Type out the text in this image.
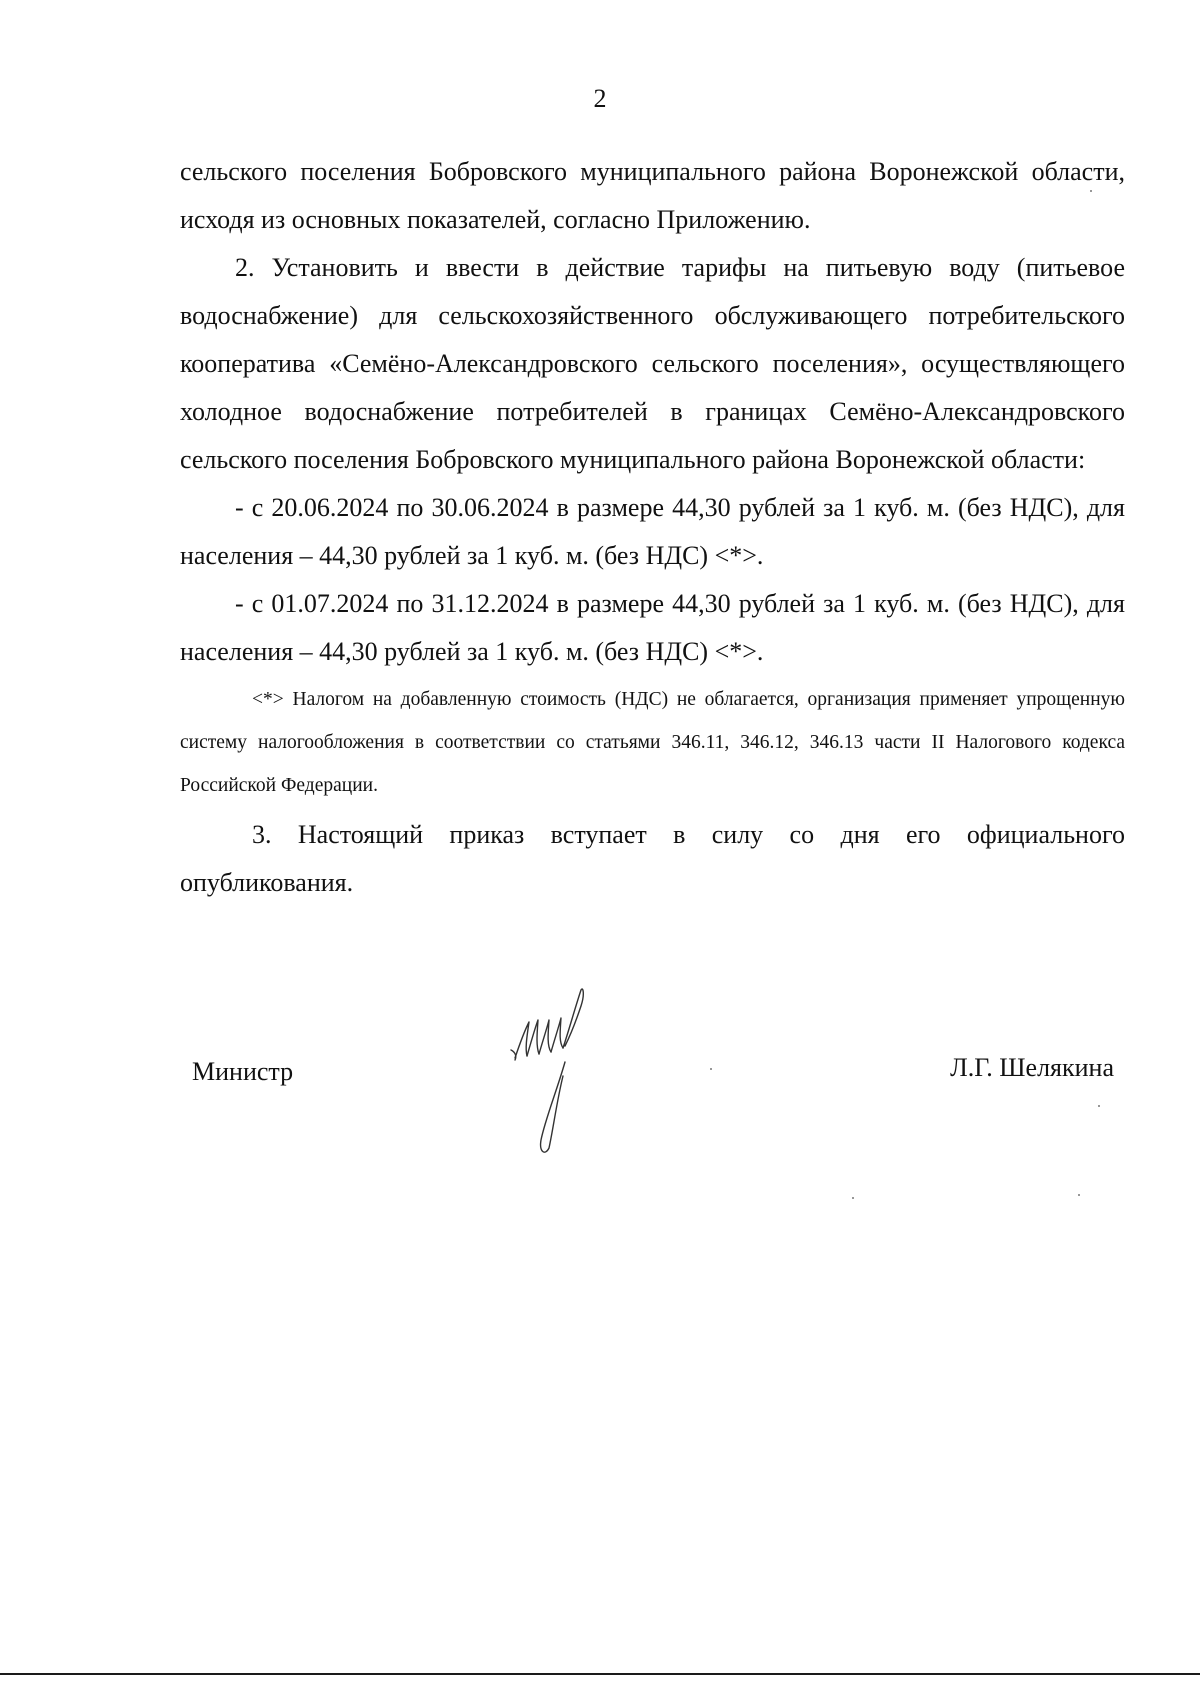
2

сельского поселения Бобровского муниципального района Воронежской области, исходя из основных показателей, согласно Приложению.

2. Установить и ввести в действие тарифы на питьевую воду (питьевое водоснабжение) для сельскохозяйственного обслуживающего потребительского кооператива «Семёно-Александровского сельского поселения», осуществляющего холодное водоснабжение потребителей в границах Семёно-Александровского сельского поселения Бобровского муниципального района Воронежской области:

- с 20.06.2024 по 30.06.2024 в размере 44,30 рублей за 1 куб. м. (без НДС), для населения – 44,30 рублей за 1 куб. м. (без НДС) <*>.

- с 01.07.2024 по 31.12.2024 в размере 44,30 рублей за 1 куб. м. (без НДС), для населения – 44,30 рублей за 1 куб. м. (без НДС) <*>.

<*> Налогом на добавленную стоимость (НДС) не облагается, организация применяет упрощенную систему налогообложения в соответствии со статьями 346.11, 346.12, 346.13 части II Налогового кодекса Российской Федерации.

3. Настоящий приказ вступает в силу со дня его официального опубликования.

Министр	Л.Г. Шелякина
